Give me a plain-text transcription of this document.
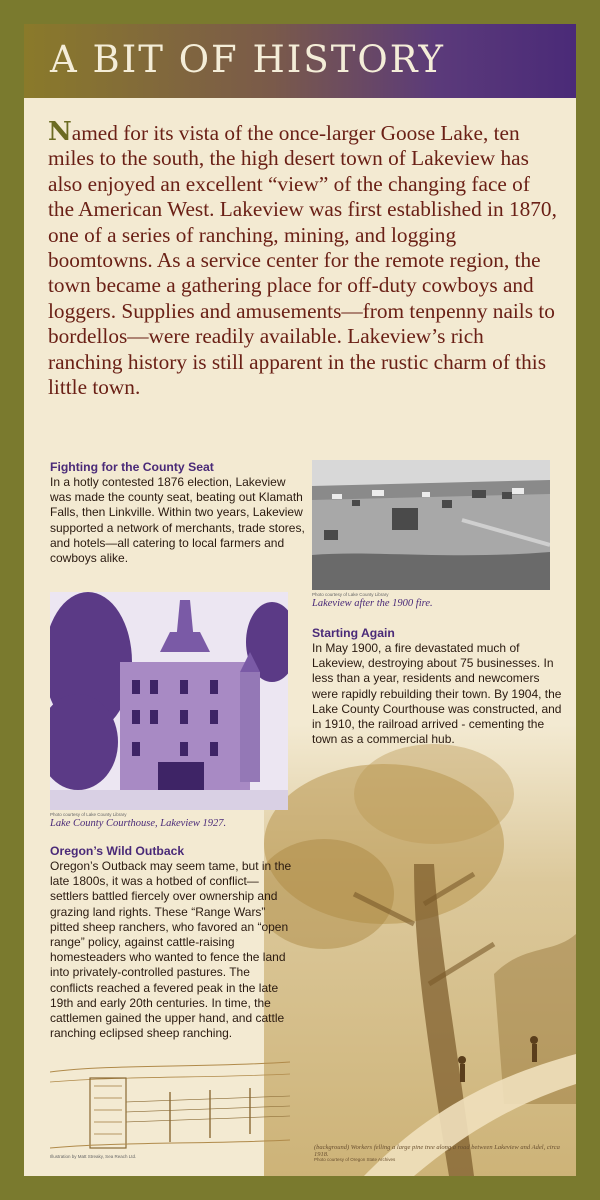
A BIT OF HISTORY

Named for its vista of the once-larger Goose Lake, ten miles to the south, the high desert town of Lakeview has also enjoyed an excellent “view” of the changing face of the American West. Lakeview was first established in 1870, one of a series of ranching, mining, and logging boomtowns. As a service center for the remote region, the town became a gathering place for off-duty cowboys and loggers. Supplies and amusements—from tenpenny nails to bordellos—were readily available. Lakeview’s rich ranching history is still apparent in the rustic charm of this little town.

Fighting for the County Seat
In a hotly contested 1876 election, Lakeview was made the county seat, beating out Klamath Falls, then Linkville. Within two years, Lakeview supported a network of merchants, trade stores, and hotels—all catering to local farmers and cowboys alike.
Photo courtesy of Lake County Library
Lakeview after the 1900 fire.
Photo courtesy of Lake County Library
Lake County Courthouse, Lakeview 1927.
Starting Again
In May 1900, a fire devastated much of Lakeview, destroying about 75 businesses. In less than a year, residents and newcomers were rapidly rebuilding their town. By 1904, the Lake County Courthouse was constructed, and in 1910, the railroad arrived - cementing the town as a commercial hub.
Oregon’s Wild Outback
Oregon’s Outback may seem tame, but in the late 1800s, it was a hotbed of conflict—settlers battled fiercely over ownership and grazing land rights. These “Range Wars” pitted sheep ranchers, who favored an “open range” policy, against cattle-raising homesteaders who wanted to fence the land into privately-controlled pastures. The conflicts reached a fevered peak in the late 19th and early 20th centuries. In time, the cattlemen gained the upper hand, and cattle ranching eclipsed sheep ranching.
Illustration by Matt Streaky, Sea Reach Ltd.
(background) Workers felling a large pine tree along a road between Lakeview and Adel, circa 1918.
Photo courtesy of Oregon State Archives
